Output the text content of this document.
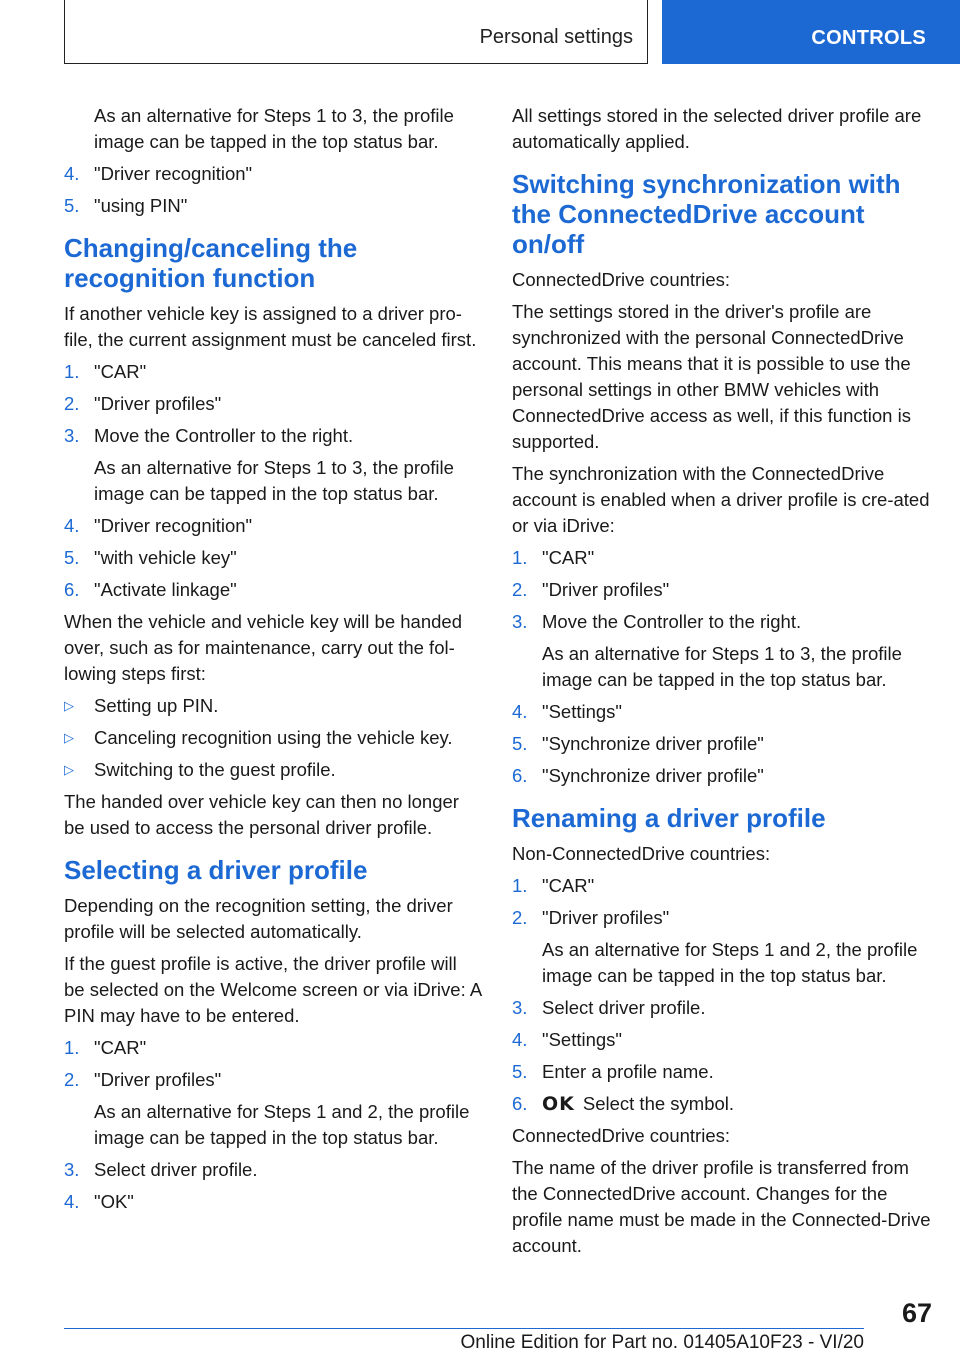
Personal settings	CONTROLS

As an alternative for Steps 1 to 3, the profile image can be tapped in the top status bar.

4. "Driver recognition"
5. "using PIN"
Changing/canceling the recognition function

If another vehicle key is assigned to a driver pro-file, the current assignment must be canceled first.

1. "CAR"
2. "Driver profiles"
3. Move the Controller to the right.
As an alternative for Steps 1 to 3, the profile image can be tapped in the top status bar.
4. "Driver recognition"
5. "with vehicle key"
6. "Activate linkage"

When the vehicle and vehicle key will be handed over, such as for maintenance, carry out the fol-lowing steps first:

▷	Setting up PIN.
▷	Canceling recognition using the vehicle key.
▷	Switching to the guest profile.

The handed over vehicle key can then no longer be used to access the personal driver profile.

Selecting a driver profile

Depending on the recognition setting, the driver profile will be selected automatically.

If the guest profile is active, the driver profile will be selected on the Welcome screen or via iDrive: A PIN may have to be entered.

1. "CAR"
2. "Driver profiles"
As an alternative for Steps 1 and 2, the profile image can be tapped in the top status bar.
3. Select driver profile.
4. "OK"

All settings stored in the selected driver profile are automatically applied.

Switching synchronization with the ConnectedDrive account on/off

ConnectedDrive countries:

The settings stored in the driver's profile are synchronized with the personal ConnectedDrive account. This means that it is possible to use the personal settings in other BMW vehicles with ConnectedDrive access as well, if this function is supported.

The synchronization with the ConnectedDrive account is enabled when a driver profile is cre-ated or via iDrive:

1. "CAR"
2. "Driver profiles"
3. Move the Controller to the right.
As an alternative for Steps 1 to 3, the profile image can be tapped in the top status bar.
4. "Settings"
5. "Synchronize driver profile"
6. "Synchronize driver profile"
Renaming a driver profile

Non-ConnectedDrive countries:

1. "CAR"
2. "Driver profiles"
As an alternative for Steps 1 and 2, the profile image can be tapped in the top status bar.
3. Select driver profile.
4. "Settings"
5. Enter a profile name.
6. OK Select the symbol.

ConnectedDrive countries:

The name of the driver profile is transferred from the ConnectedDrive account. Changes for the profile name must be made in the Connected-Drive account.

67
Online Edition for Part no. 01405A10F23 - VI/20
